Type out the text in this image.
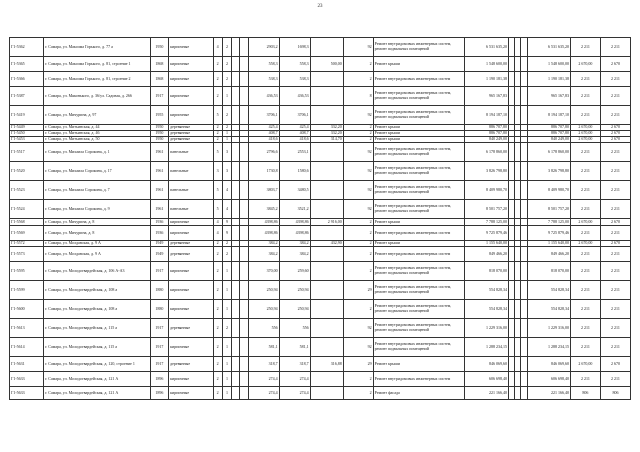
23
Г1-5362	г. Самара, ул. Максима Горького, д. 77 а	1950	кирпичные	4	2			2903,2	1698,3		92	Ремонт внутридомовых инженерных систем, ремонт подвальных помещений	6 531 635,20				6 531 635,20	2 211	2 211
Г1-5365	г. Самара, ул. Максима Горького, д. 81, строение 1	1868	кирпичные	2	2			558,3	558,3	500,00	2	Ремонт крыши	1 548 600,00				1 548 600,00	2 670,00	2 670
Г1-5366	г. Самара, ул. Максима Горького, д. 81, строение 2	1868	кирпичные	2	2			538,3	538,3		2	Ремонт внутридомовых инженерных систем	1 190 181,38				1 190 181,38	2 211	2 211
Г1-5387	г. Самара, ул. Мяконького, д. 36/ул. Садовая, д. 266	1917	кирпичные	2	1			436,53	436,53		8	Ремонт внутридомовых инженерных систем, ремонт подвальных помещений	965 167,83				965 167,83	2 211	2 211
Г1-5419	г. Самара, ул. Мичурина, д. 97	1955	кирпичные	5	2			3706,1	3706,1		92	Ремонт внутридомовых инженерных систем, ремонт подвальных помещений	8 194 187,10				8 194 187,10	2 211	2 211
Г1-5449	г. Самара, ул. Митьинская, д. 44	1950	деревянные	2	2			425,4	425,4	332,20	2	Ремонт крыши	886 707,80				886 707,80	2 670,00	2 670
Г1-5450	г. Самара, ул. Митьинская, д. 46	1950	деревянные	2	1			408,7	408,7	332,20	2	Ремонт крыши	886 707,80				886 707,80	2 670,00	2 670
Г1-5453	г. Самара, ул. Митьинская, д. 50	1950	деревянные	2	1			418,6	418,6	314,70	2	Ремонт крыши	840 249,00				840 249,00	2 670,00	2 670
Г1-5517	г. Самара, ул. Михаила Сорокина, д. 1	1961	панельные	5	3			2796,6	2553,1		92	Ремонт внутридомовых инженерных систем, ремонт подвальных помещений	6 178 860,00				6 178 860,00	2 211	2 211
Г1-5520	г. Самара, ул. Михаила Сорокина, д. 17	1961	панельные	3	3			1730,8	1580,6		92	Ремонт внутридомовых инженерных систем, ремонт подвальных помещений	3 826 798,80				3 826 798,80	2 211	2 211
Г1-5523	г. Самара, ул. Михаила Сорокина, д. 7	1961	панельные	5	4			3803,7	3480,5		92	Ремонт внутридомовых инженерных систем, ремонт подвальных помещений	8 409 980,70				8 409 980,70	2 211	2 211
Г1-5524	г. Самара, ул. Михаила Сорокина, д. 9	1961	панельные	5	4			3845,2	3521,2		92	Ремонт внутридомовых инженерных систем, ремонт подвальных помещений	8 501 757,20				8 501 757,20	2 211	2 211
Г1-5568	г. Самара, ул. Мичурина, д. 8	1936	кирпичные	4	9			4398,86	4398,86	2 916,00	2	Ремонт крыши	7 788 125,00				7 788 125,00	2 670,00	2 670
Г1-5569	г. Самара, ул. Мичурина, д. 8	1936	кирпичные	4	9			4398,86	4398,86		2	Ремонт внутридомовых инженерных систем	9 725 879,46				9 725 879,46	2 211	2 211
Г1-5572	г. Самара, ул. Молдавская, д. 9 А	1949	деревянные	2	2			384,2	384,2	432,90	2	Ремонт крыши	1 155 640,00				1 155 640,00	2 670,00	2 670
Г1-5573	г. Самара, ул. Молдавская, д. 9 А	1949	деревянные	2	2			384,2	384,2		2	Ремонт внутридомовых инженерных систем	849 466,20				849 466,20	2 211	2 211
Г1-5595	г. Самара, ул. Молодогвардейская, д. 106 А-А3	1917	кирпичные	2	1			370,00	259,60		2	Ремонт внутридомовых инженерных систем, ремонт подвальных помещений	818 070,00				818 070,00	2 211	2 211
Г1-5599	г. Самара, ул. Молодогвардейская, д. 108 а	1880	кирпичные	2	1			250,94	250,94		29	Ремонт внутридомовых инженерных систем, ремонт подвальных помещений	554 828,34				554 828,34	2 211	2 211
Г1-5600	г. Самара, ул. Молодогвардейская, д. 108 а	1880	кирпичные	2	1			250,94	250,94		2	Ремонт внутридомовых инженерных систем, ремонт подвальных помещений	554 828,34				554 828,34	2 211	2 211
Г1-5613	г. Самара, ул. Молодогвардейская, д. 115 а	1917	деревянные	2	2			556	556		92	Ремонт внутридомовых инженерных систем, ремонт подвальных помещений	1 229 316,00				1 229 316,00	2 211	2 211
Г1-5614	г. Самара, ул. Молодогвардейская, д. 115 а	1917	кирпичные	2	1			581,1	581,1		92	Ремонт внутридомовых инженерных систем, ремонт подвальных помещений	1 288 234,15				1 288 234,15	2 211	2 211
Г1-5631	г. Самара, ул. Молодогвардейская, д. 120, строение 1	1917	деревянные	2	1			318,7	318,7	316,88	29	Ремонт крыши	846 069,60				846 069,60	2 670,00	2 670
Г1-5633	г. Самара, ул. Молодогвардейская, д. 121 А	1896	кирпичные	2	1			274,4	274,4		2	Ремонт внутридомовых инженерных систем	606 698,40				606 698,40	2 211	2 211
Г1-5633	г. Самара, ул. Молодогвардейская, д. 121 А	1896	кирпичные	2	1			274,4	274,4		2	Ремонт фасада	221 166,40				221 166,40	806	806
